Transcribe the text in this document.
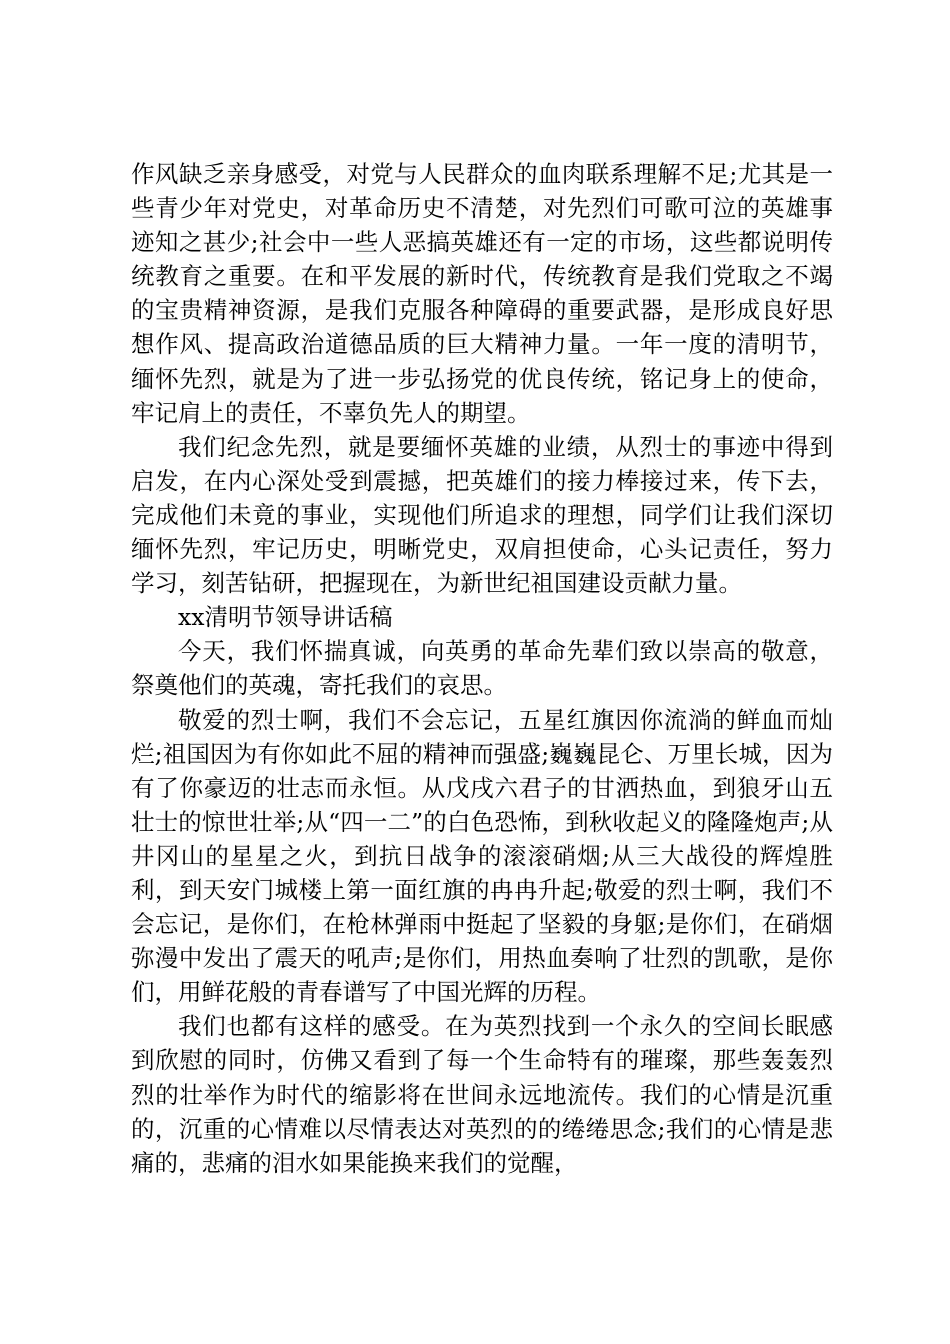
作风缺乏亲身感受，对党与人民群众的血肉联系理解不足;尤其是一些青少年对党史，对革命历史不清楚，对先烈们可歌可泣的英雄事迹知之甚少;社会中一些人恶搞英雄还有一定的市场，这些都说明传统教育之重要。在和平发展的新时代，传统教育是我们党取之不竭的宝贵精神资源，是我们克服各种障碍的重要武器，是形成良好思想作风、提高政治道德品质的巨大精神力量。一年一度的清明节，缅怀先烈，就是为了进一步弘扬党的优良传统，铭记身上的使命，牢记肩上的责任，不辜负先人的期望。

我们纪念先烈，就是要缅怀英雄的业绩，从烈士的事迹中得到启发，在内心深处受到震撼，把英雄们的接力棒接过来，传下去，完成他们未竟的事业，实现他们所追求的理想，同学们让我们深切缅怀先烈，牢记历史，明晰党史，双肩担使命，心头记责任，努力学习，刻苦钻研，把握现在，为新世纪祖国建设贡献力量。

xx清明节领导讲话稿

今天，我们怀揣真诚，向英勇的革命先辈们致以崇高的敬意，祭奠他们的英魂，寄托我们的哀思。

敬爱的烈士啊，我们不会忘记，五星红旗因你流淌的鲜血而灿烂;祖国因为有你如此不屈的精神而强盛;巍巍昆仑、万里长城，因为有了你豪迈的壮志而永恒。从戊戌六君子的甘洒热血，到狼牙山五壮士的惊世壮举;从“四一二”的白色恐怖，到秋收起义的隆隆炮声;从井冈山的星星之火，到抗日战争的滚滚硝烟;从三大战役的辉煌胜利，到天安门城楼上第一面红旗的冉冉升起;敬爱的烈士啊，我们不会忘记，是你们，在枪林弹雨中挺起了坚毅的身躯;是你们，在硝烟弥漫中发出了震天的吼声;是你们，用热血奏响了壮烈的凯歌，是你们，用鲜花般的青春谱写了中国光辉的历程。

我们也都有这样的感受。在为英烈找到一个永久的空间长眠感到欣慰的同时，仿佛又看到了每一个生命特有的璀璨，那些轰轰烈烈的壮举作为时代的缩影将在世间永远地流传。我们的心情是沉重的，沉重的心情难以尽情表达对英烈的的绻绻思念;我们的心情是悲痛的，悲痛的泪水如果能换来我们的觉醒，
